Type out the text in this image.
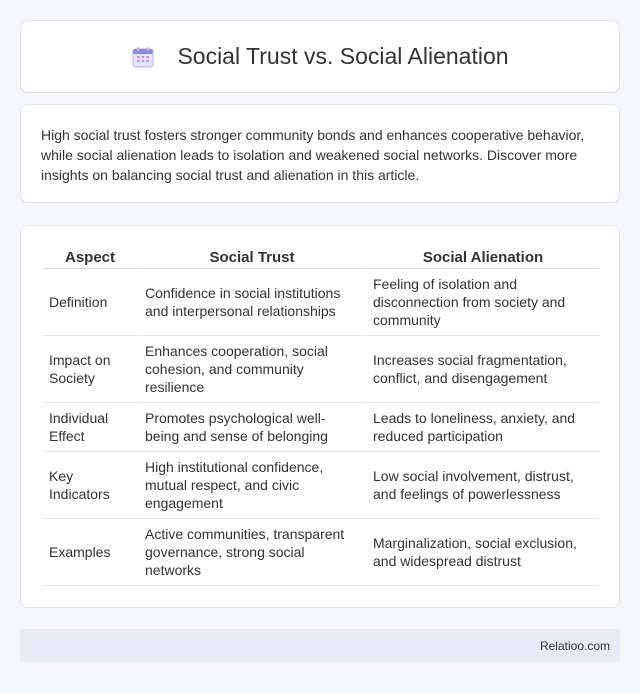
Social Trust vs. Social Alienation

High social trust fosters stronger community bonds and enhances cooperative behavior, while social alienation leads to isolation and weakened social networks. Discover more insights on balancing social trust and alienation in this article.

Aspect	Social Trust	Social Alienation
Definition	Confidence in social institutions and interpersonal relationships	Feeling of isolation and disconnection from society and community
Impact on Society	Enhances cooperation, social cohesion, and community resilience	Increases social fragmentation, conflict, and disengagement
Individual Effect	Promotes psychological well-being and sense of belonging	Leads to loneliness, anxiety, and reduced participation
Key Indicators	High institutional confidence, mutual respect, and civic engagement	Low social involvement, distrust, and feelings of powerlessness
Examples	Active communities, transparent governance, strong social networks	Marginalization, social exclusion, and widespread distrust
Relatioo.com
